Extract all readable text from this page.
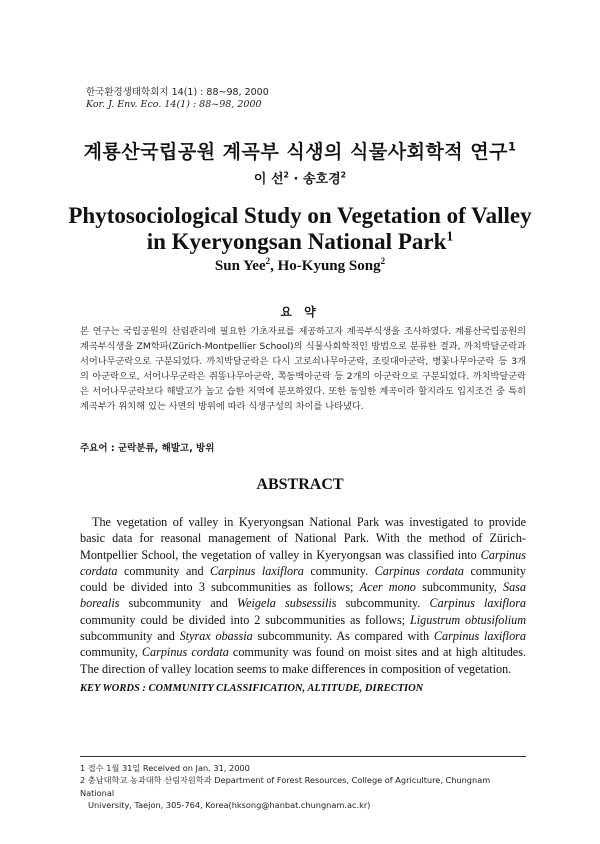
한국환경생태학회지 14(1) : 88~98, 2000
Kor. J. Env. Eco. 14(1) : 88~98, 2000
계룡산국립공원 계곡부 식생의 식물사회학적 연구$^1$
이 선$^2$ · 송호경$^2$
Phytosociological Study on Vegetation of Valley
in Kyeryongsan National Park$^1$
Sun Yee$^2$, Ho-Kyung Song$^2$
요 약
본 연구는 국립공원의 산림관리에 필요한 기초자료를 제공하고자 계곡부식생을 조사하였다. 계룡산국립공원의 계곡부식생을 ZM학파(Zürich-Montpellier School)의 식물사회학적인 방법으로 분류한 결과, 까치박달군락과 서어나무군락으로 구분되었다. 까치박달군락은 다시 고로쇠나무아군락, 조릿대아군락, 병꽃나무아군락 등 3개의 아군락으로, 서어나무군락은 쥐똥나무아군락, 쪽동백아군락 등 2개의 아군락으로 구분되었다. 까치박달군락은 서어나무군락보다 해발고가 높고 습한 지역에 분포하였다. 또한 동일한 계곡이라 할지라도 입지조건 중 특히 계곡부가 위치해 있는 사면의 방위에 따라 식생구성의 차이를 나타냈다.
주요어 : 군락분류, 해발고, 방위
ABSTRACT

The vegetation of valley in Kyeryongsan National Park was investigated to provide basic data for reasonal management of National Park. With the method of Zürich-Montpellier School, the vegetation of valley in Kyeryongsan was classified into Carpinus cordata community and Carpinus laxiflora community. Carpinus cordata community could be divided into 3 subcommunities as follows; Acer mono subcommunity, Sasa borealis subcommunity and Weigela subsessilis subcommunity. Carpinus laxiflora community could be divided into 2 subcommunities as follows; Ligustrum obtusifolium subcommunity and Styrax obassia subcommunity. As compared with Carpinus laxiflora community, Carpinus cordata community was found on moist sites and at high altitudes. The direction of valley location seems to make differences in composition of vegetation.

KEY WORDS : COMMUNITY CLASSIFICATION, ALTITUDE, DIRECTION
1 접수 1월 31일 Received on Jan. 31, 2000
2 충남대학교 농과대학 산림자원학과 Department of Forest Resources, College of Agriculture, Chungnam National
University, Taejon, 305-764, Korea(hksong@hanbat.chungnam.ac.kr)
